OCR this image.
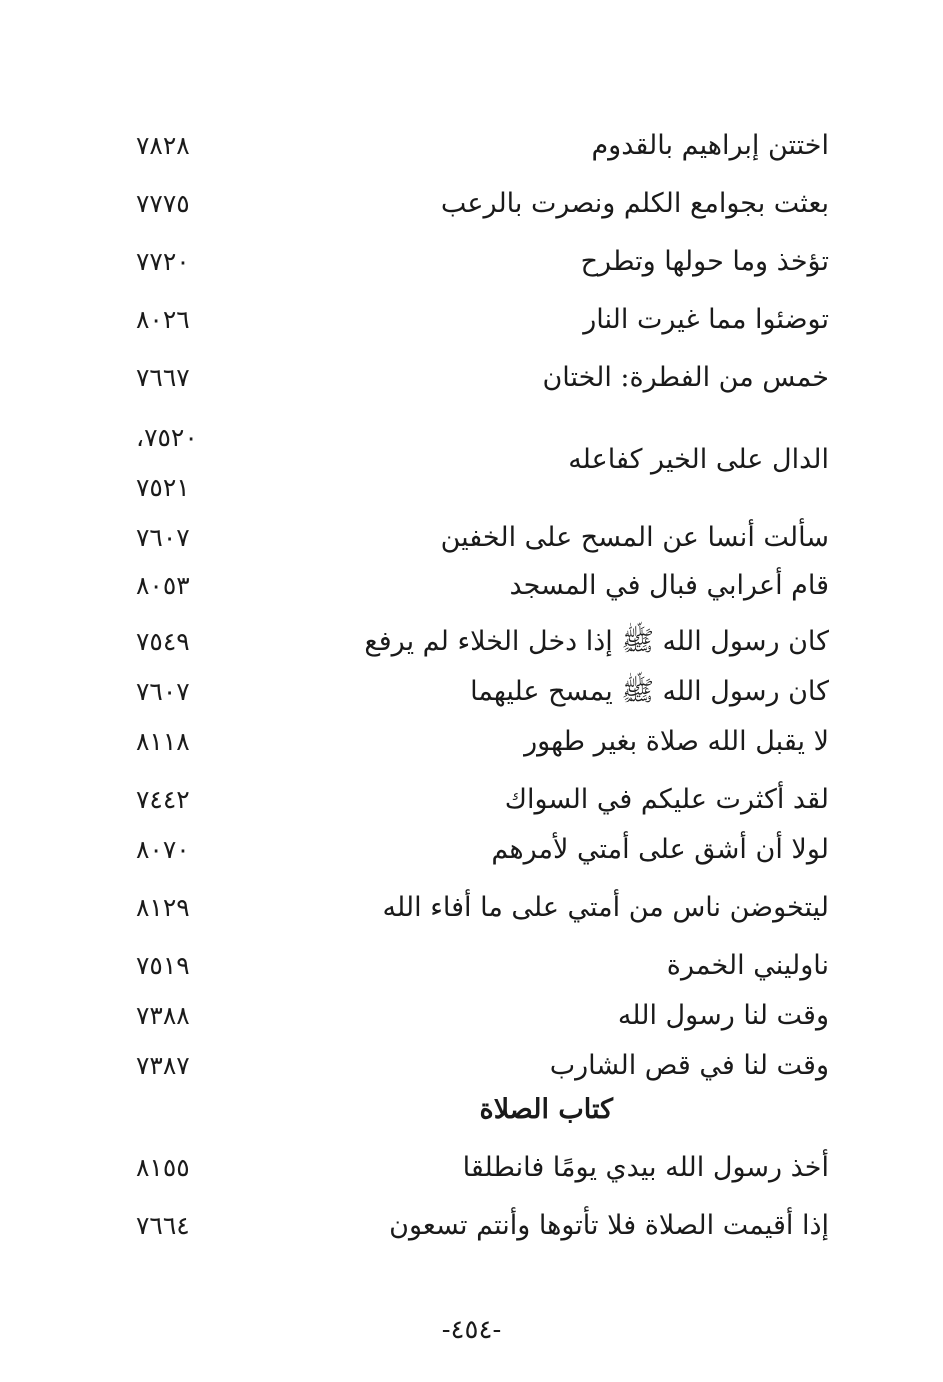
اختتن إبراهيم بالقدوم
٧٨٢٨
بعثت بجوامع الكلم ونصرت بالرعب
٧٧٧٥
تؤخذ وما حولها وتطرح
٧٧٢٠
توضئوا مما غيرت النار
٨٠٢٦
خمس من الفطرة: الختان
٧٦٦٧
٧٥٢٠،
الدال على الخير كفاعله
٧٥٢١
سألت أنسا عن المسح على الخفين
٧٦٠٧
قام أعرابي فبال في المسجد
٨٠٥٣
كان رسول الله ﷺ إذا دخل الخلاء لم يرفع
٧٥٤٩
كان رسول الله ﷺ يمسح عليهما
٧٦٠٧
لا يقبل الله صلاة بغير طهور
٨١١٨
لقد أكثرت عليكم في السواك
٧٤٤٢
لولا أن أشق على أمتي لأمرهم
٨٠٧٠
ليتخوضن ناس من أمتي على ما أفاء الله
٨١٢٩
ناوليني الخمرة
٧٥١٩
وقت لنا رسول الله
٧٣٨٨
وقت لنا في قص الشارب
٧٣٨٧
كتاب الصلاة
أخذ رسول الله بيدي يومًا فانطلقا
٨١٥٥
إذا أقيمت الصلاة فلا تأتوها وأنتم تسعون
٧٦٦٤
-٤٥٤-
